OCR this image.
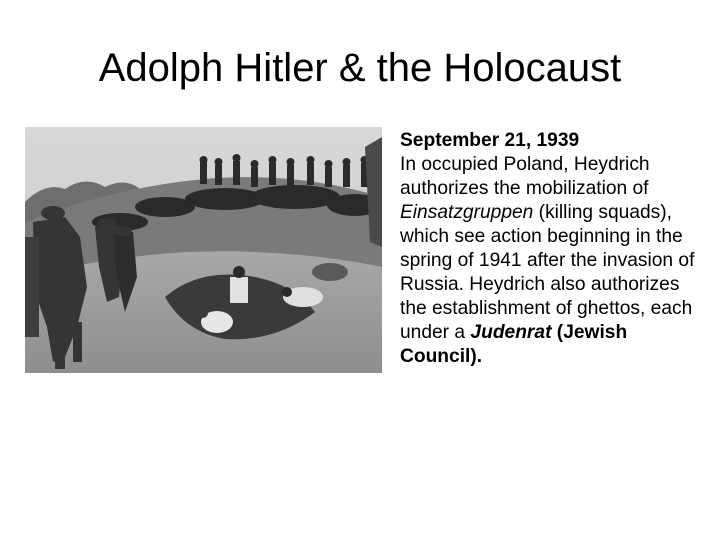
Adolph Hitler & the Holocaust

September 21, 1939

In occupied Poland, Heydrich authorizes the mobilization of Einsatzgruppen (killing squads), which see action beginning in the spring of 1941 after the invasion of Russia. Heydrich also authorizes the establishment of ghettos, each under a Judenrat (Jewish Council).
